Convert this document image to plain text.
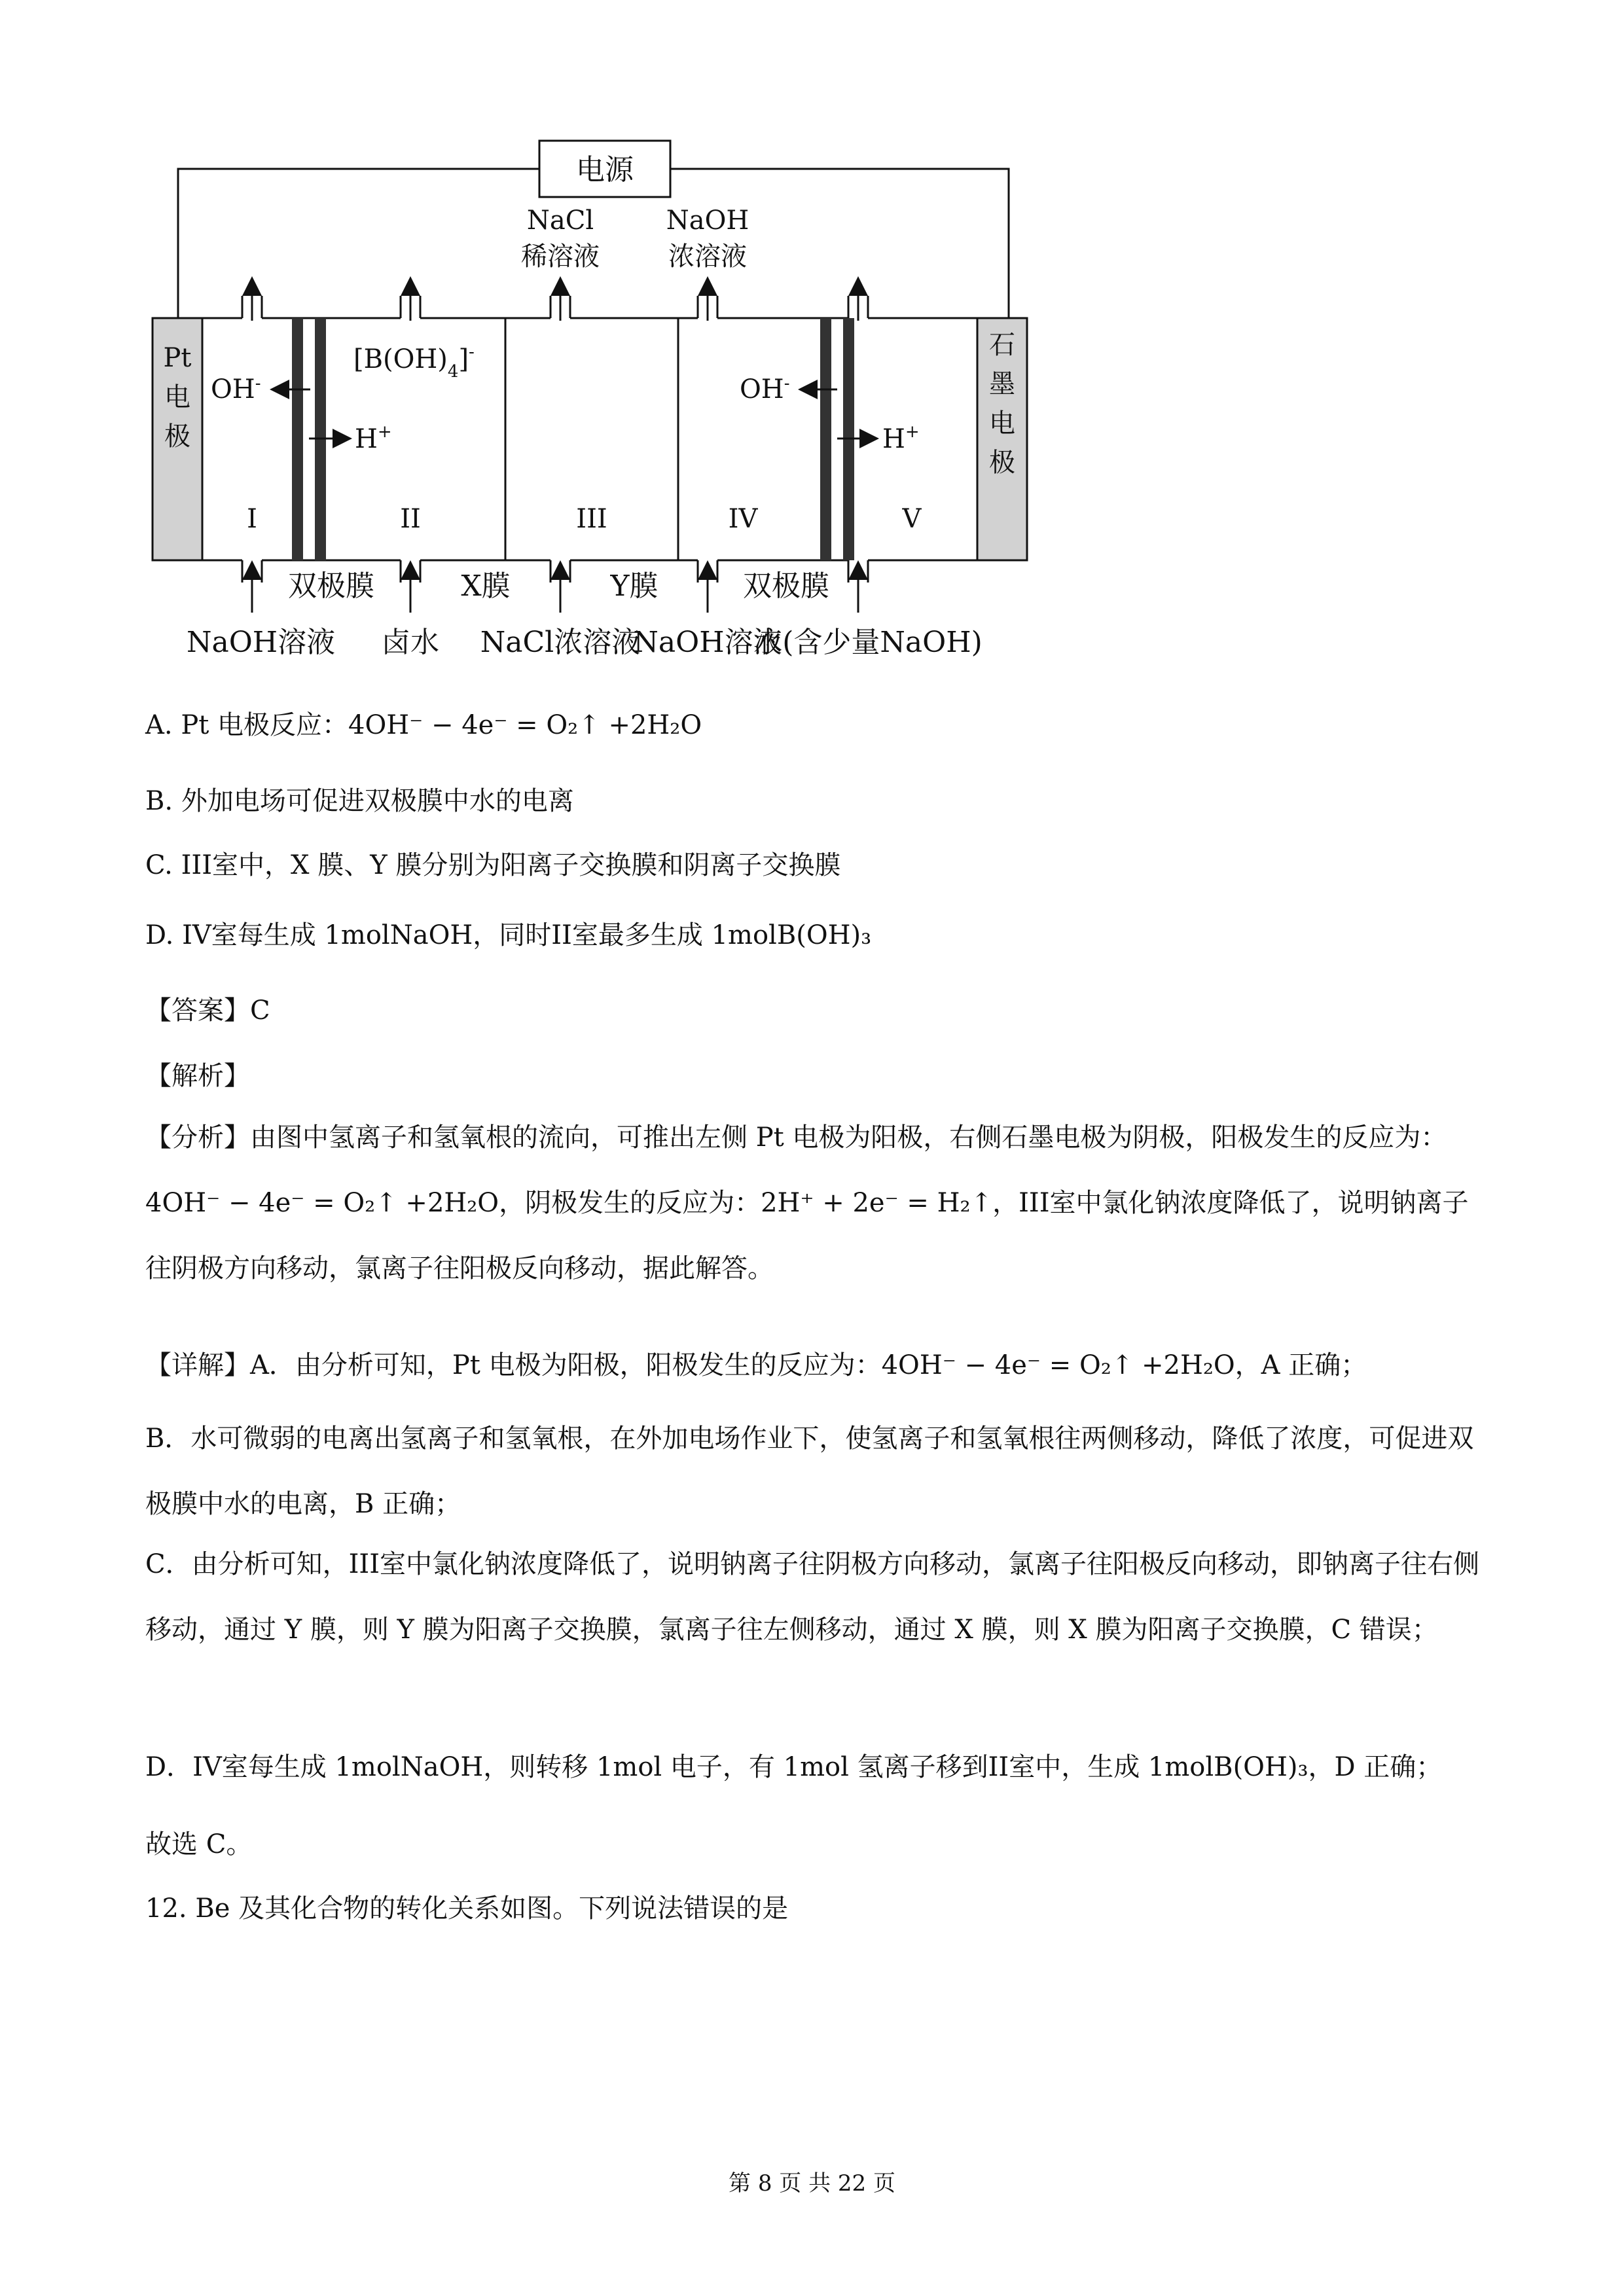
电源
Pt
电
极
石
墨
电
极
NaCl
稀溶液
NaOH
浓溶液
OH-
$[B(OH)_4]^-$
H+
OH-
H+
I	II	III	IV	V
双极膜	X膜	Y膜	双极膜
NaOH溶液 卤水 NaCl浓溶液
NaOH溶液
水(含少量NaOH)
A. Pt 电极反应：4OH⁻ − 4e⁻ = O₂↑ +2H₂O
B. 外加电场可促进双极膜中水的电离
C. III室中，X 膜、Y 膜分别为阳离子交换膜和阴离子交换膜
D. IV室每生成 1molNaOH，同时II室最多生成 1molB(OH)₃
【答案】C
【解析】
【分析】由图中氢离子和氢氧根的流向，可推出左侧 Pt 电极为阳极，右侧石墨电极为阴极，阳极发生的反应为：4OH⁻ − 4e⁻ = O₂↑ +2H₂O，阴极发生的反应为：2H⁺ + 2e⁻ = H₂↑，III室中氯化钠浓度降低了，说明钠离子往阴极方向移动，氯离子往阳极反向移动，据此解答。
【详解】A．由分析可知，Pt 电极为阳极，阳极发生的反应为：4OH⁻ − 4e⁻ = O₂↑ +2H₂O，A 正确；
B．水可微弱的电离出氢离子和氢氧根，在外加电场作业下，使氢离子和氢氧根往两侧移动，降低了浓度，可促进双极膜中水的电离，B 正确；
C．由分析可知，III室中氯化钠浓度降低了，说明钠离子往阴极方向移动，氯离子往阳极反向移动，即钠离子往右侧移动，通过 Y 膜，则 Y 膜为阳离子交换膜，氯离子往左侧移动，通过 X 膜，则 X 膜为阳离子交换膜，C 错误；
D．IV室每生成 1molNaOH，则转移 1mol 电子，有 1mol 氢离子移到II室中，生成 1molB(OH)₃，D 正确；
故选 C。
12. Be 及其化合物的转化关系如图。下列说法错误的是
第 8 页 共 22 页
